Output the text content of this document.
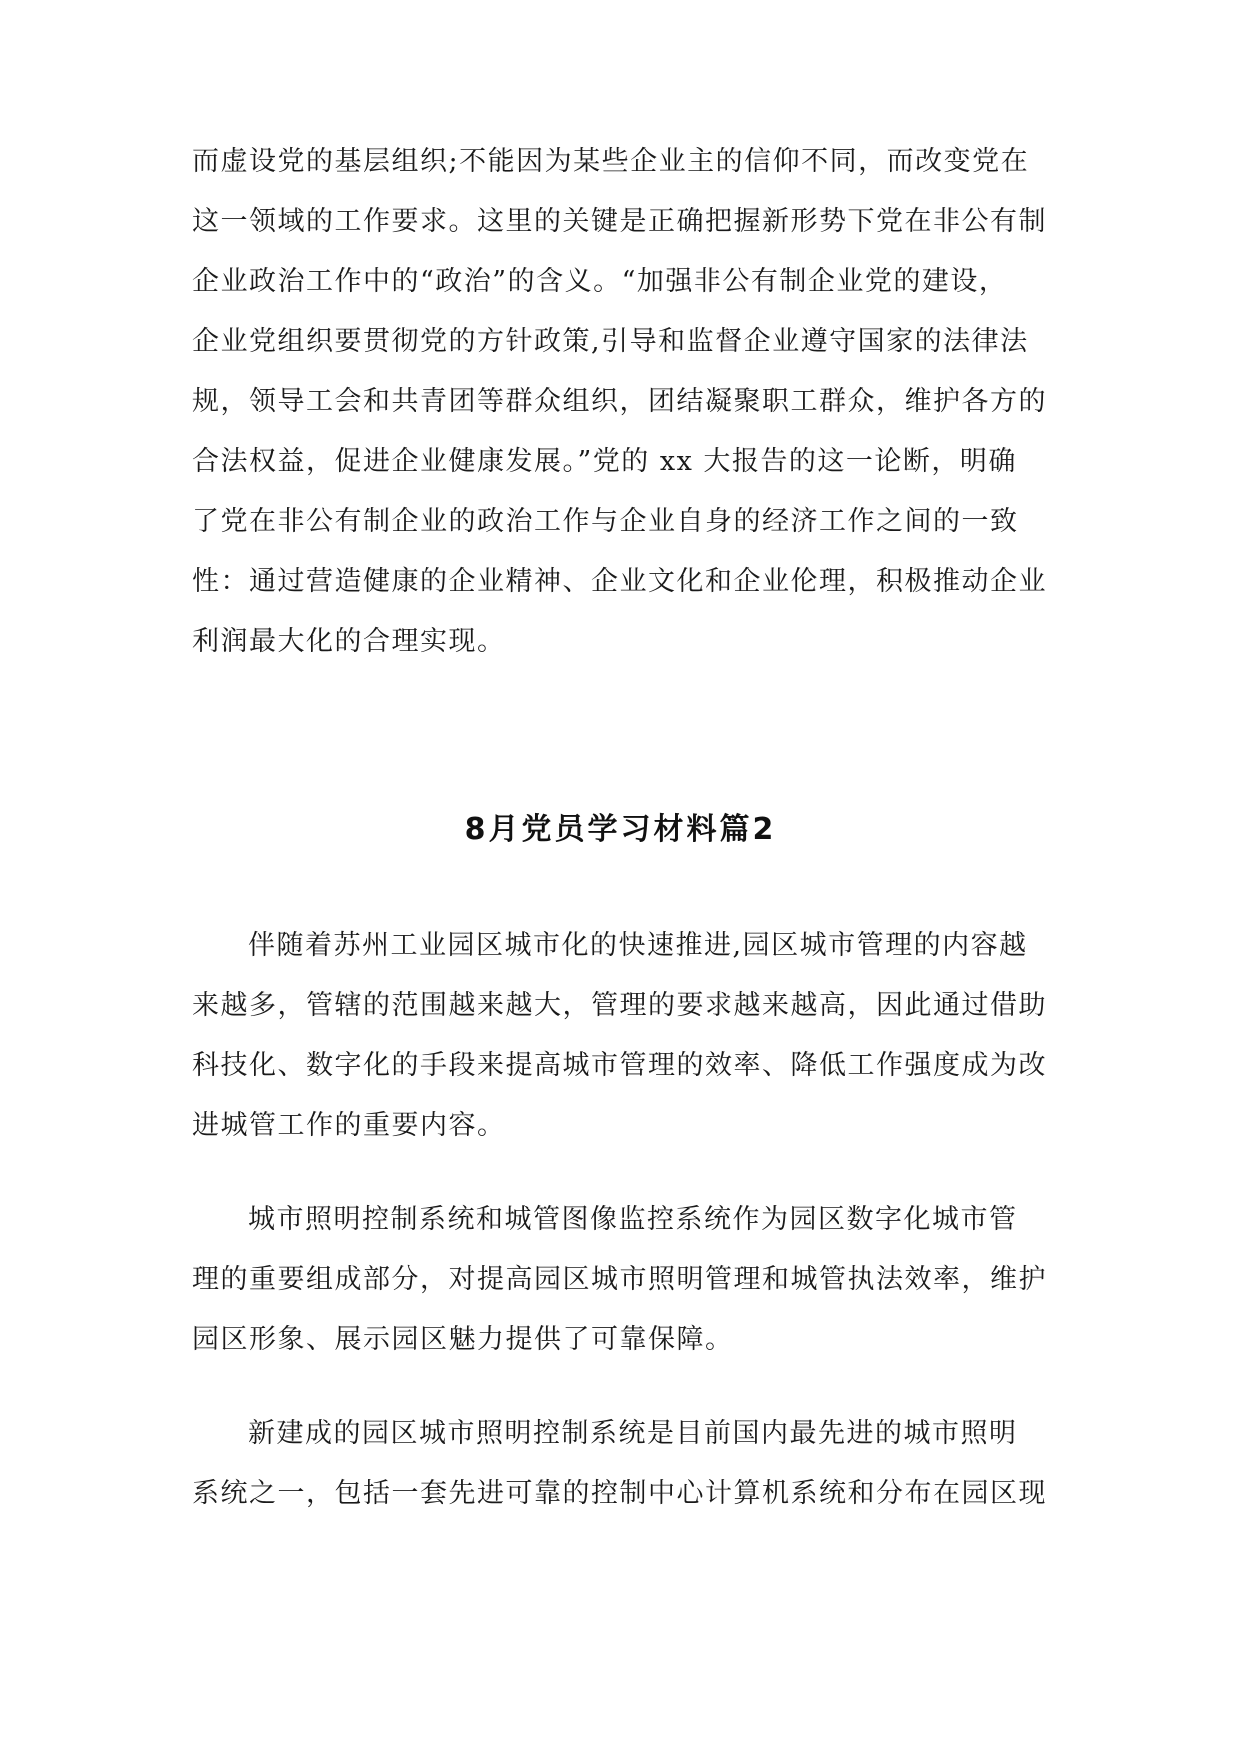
而虚设党的基层组织;不能因为某些企业主的信仰不同，而改变党在
这一领域的工作要求。这里的关键是正确把握新形势下党在非公有制
企业政治工作中的“政治”的含义。“加强非公有制企业党的建设，
企业党组织要贯彻党的方针政策,引导和监督企业遵守国家的法律法
规，领导工会和共青团等群众组织，团结凝聚职工群众，维护各方的
合法权益，促进企业健康发展。”党的 xx 大报告的这一论断，明确
了党在非公有制企业的政治工作与企业自身的经济工作之间的一致
性：通过营造健康的企业精神、企业文化和企业伦理，积极推动企业
利润最大化的合理实现。
8月党员学习材料篇2
伴随着苏州工业园区城市化的快速推进,园区城市管理的内容越
来越多，管辖的范围越来越大，管理的要求越来越高，因此通过借助
科技化、数字化的手段来提高城市管理的效率、降低工作强度成为改
进城管工作的重要内容。
城市照明控制系统和城管图像监控系统作为园区数字化城市管
理的重要组成部分，对提高园区城市照明管理和城管执法效率，维护
园区形象、展示园区魅力提供了可靠保障。
新建成的园区城市照明控制系统是目前国内最先进的城市照明
系统之一，包括一套先进可靠的控制中心计算机系统和分布在园区现
